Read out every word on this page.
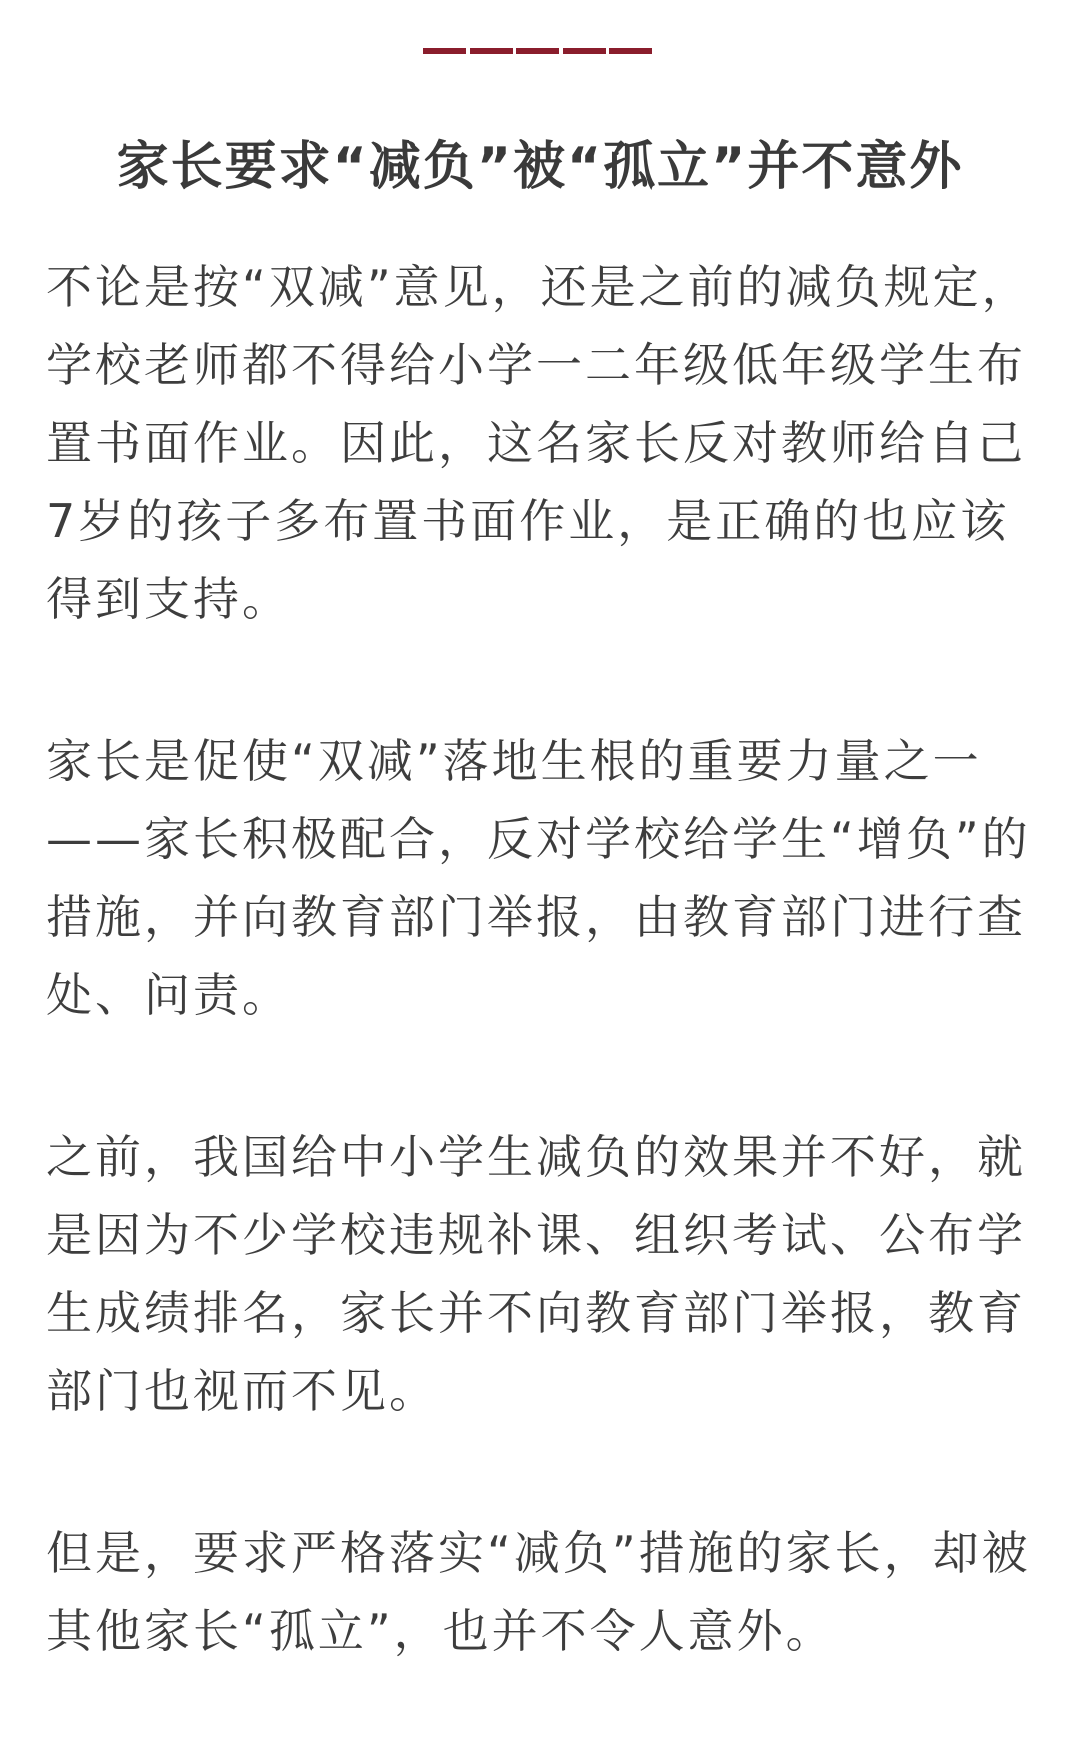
家长要求“减负”被“孤立”并不意外

不论是按“双减”意见，还是之前的减负规定，
学校老师都不得给小学一二年级低年级学生布
置书面作业。因此，这名家长反对教师给自己
7岁的孩子多布置书面作业，是正确的也应该
得到支持。

家长是促使“双减”落地生根的重要力量之一
——家长积极配合，反对学校给学生“增负”的
措施，并向教育部门举报，由教育部门进行查
处、问责。

之前，我国给中小学生减负的效果并不好，就
是因为不少学校违规补课、组织考试、公布学
生成绩排名，家长并不向教育部门举报，教育
部门也视而不见。

但是，要求严格落实“减负”措施的家长，却被
其他家长“孤立”，也并不令人意外。
